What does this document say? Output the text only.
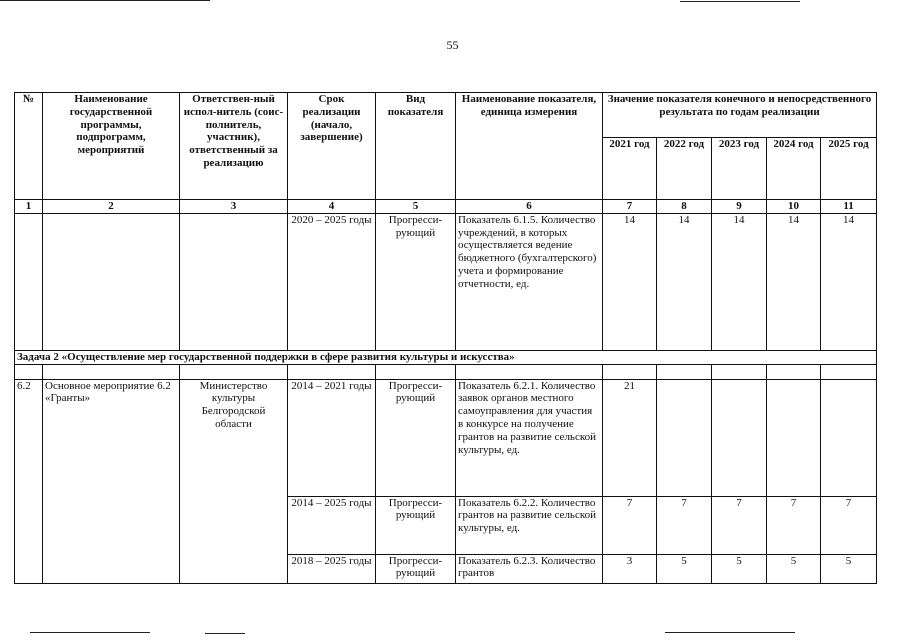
55
№	Наименование государственной программы, подпрограмм, мероприятий	Ответствен-ный испол-нитель (соис-полнитель, участник), ответственный за реализацию	Срок реализации (начало, завершение)	Вид показателя	Наименование показателя, единица измерения	Значение показателя конечного и непосредственного результата по годам реализации				
						2021 год	2022 год	2023 год	2024 год	2025 год
1	2	3	4	5	6	7	8	9	10	11
			2020 – 2025 годы	Прогресси-рующий	Показатель 6.1.5. Количество учреждений, в которых осуществляется ведение бюджетного (бухгалтерского) учета и формирование отчетности, ед.	14	14	14	14	14
Задача 2 «Осуществление мер государственной поддержки в сфере развития культуры и искусства»										

6.2	Основное мероприятие 6.2 «Гранты»	Министерство культуры Белгородской области	2014 – 2021 годы	Прогресси-рующий	Показатель 6.2.1. Количество заявок органов местного самоуправления для участия в конкурсе на получение грантов на развитие сельской культуры, ед.	21				
			2014 – 2025 годы	Прогресси-рующий	Показатель 6.2.2. Количество грантов на развитие сельской культуры, ед.	7	7	7	7	7
			2018 – 2025 годы	Прогресси-рующий	Показатель 6.2.3. Количество грантов	3	5	5	5	5
